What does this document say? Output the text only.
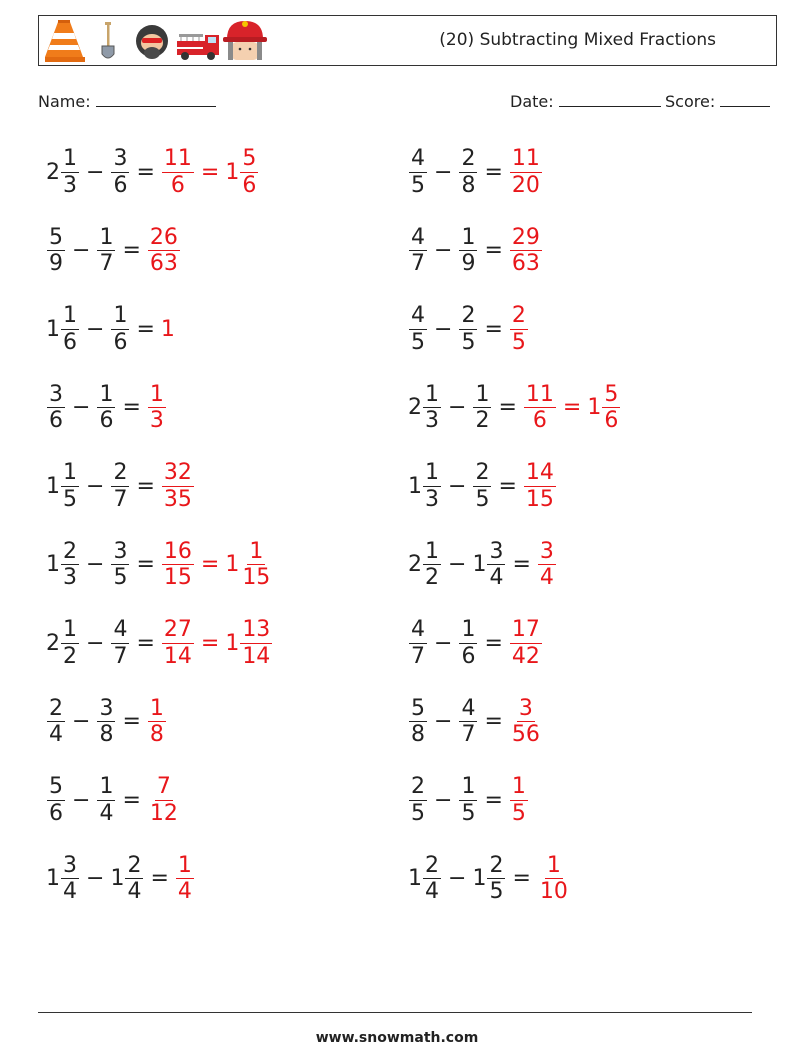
(20) Subtracting Mixed Fractions
Name:	Date:	Score:
$2 \frac{1}{3} - \frac{3}{6} = \frac{11}{6} = 1 \frac{5}{6}$	$\frac{4}{5} - \frac{2}{8} = \frac{11}{20}$
$\frac{5}{9} - \frac{1}{7} = \frac{26}{63}$	$\frac{4}{7} - \frac{1}{9} = \frac{29}{63}$
$1 \frac{1}{6} - \frac{1}{6} = 1$	$\frac{4}{5} - \frac{2}{5} = \frac{2}{5}$
$\frac{3}{6} - \frac{1}{6} = \frac{1}{3}$	$2 \frac{1}{3} - \frac{1}{2} = \frac{11}{6} = 1 \frac{5}{6}$
$1 \frac{1}{5} - \frac{2}{7} = \frac{32}{35}$	$1 \frac{1}{3} - \frac{2}{5} = \frac{14}{15}$
$1 \frac{2}{3} - \frac{3}{5} = \frac{16}{15} = 1 \frac{1}{15}$	$2 \frac{1}{2} - 1 \frac{3}{4} = \frac{3}{4}$
$2 \frac{1}{2} - \frac{4}{7} = \frac{27}{14} = 1 \frac{13}{14}$	$\frac{4}{7} - \frac{1}{6} = \frac{17}{42}$
$\frac{2}{4} - \frac{3}{8} = \frac{1}{8}$	$\frac{5}{8} - \frac{4}{7} = \frac{3}{56}$
$\frac{5}{6} - \frac{1}{4} = \frac{7}{12}$	$\frac{2}{5} - \frac{1}{5} = \frac{1}{5}$
$1 \frac{3}{4} - 1 \frac{2}{4} = \frac{1}{4}$	$1 \frac{2}{4} - 1 \frac{2}{5} = \frac{1}{10}$
www.snowmath.com
